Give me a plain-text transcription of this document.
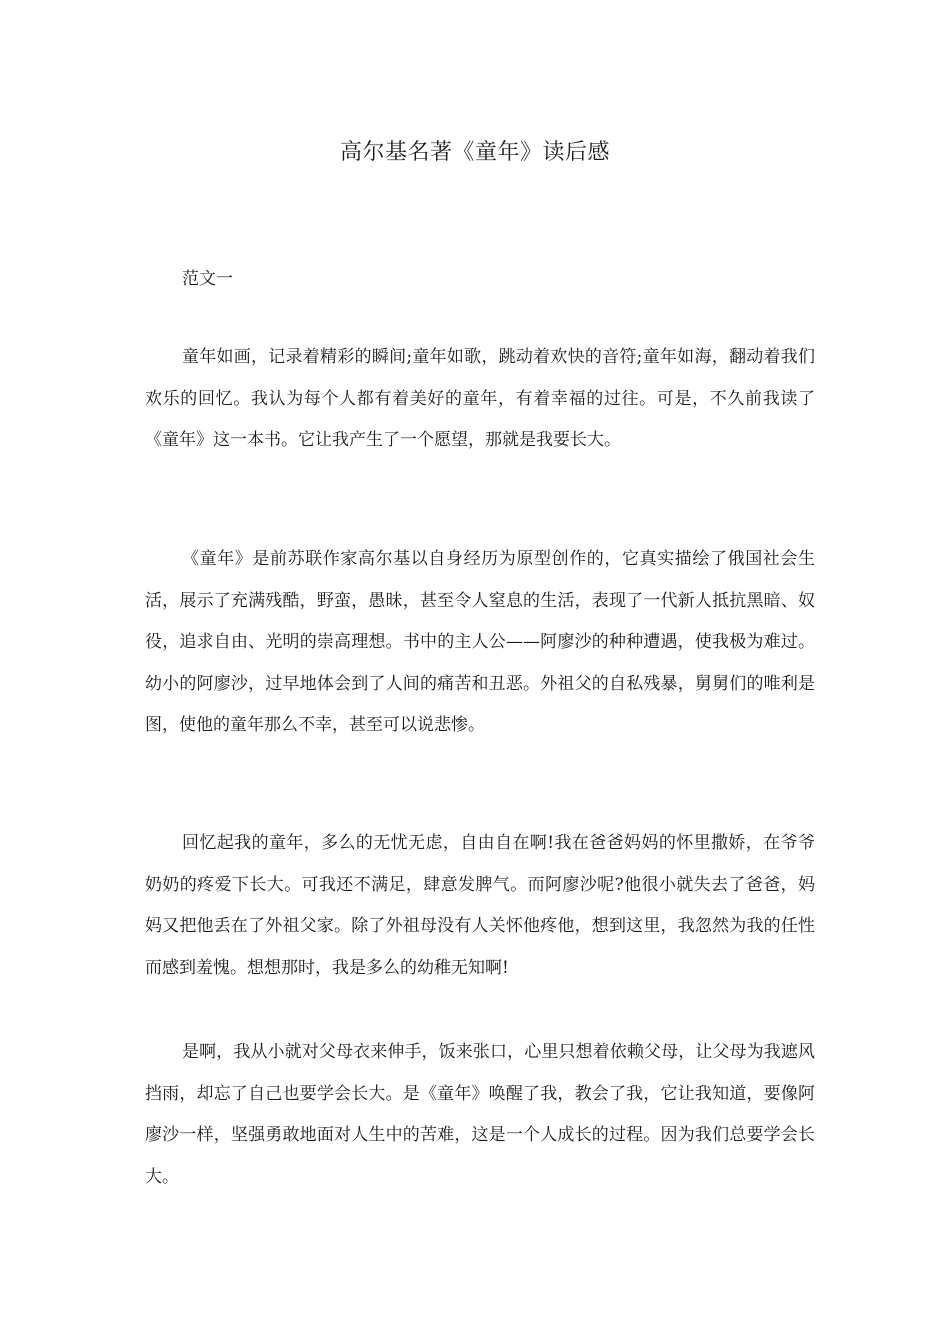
高尔基名著《童年》读后感
范文一

童年如画，记录着精彩的瞬间;童年如歌，跳动着欢快的音符;童年如海，翻动着我们欢乐的回忆。我认为每个人都有着美好的童年，有着幸福的过往。可是，不久前我读了《童年》这一本书。它让我产生了一个愿望，那就是我要长大。

《童年》是前苏联作家高尔基以自身经历为原型创作的，它真实描绘了俄国社会生活，展示了充满残酷，野蛮，愚昧，甚至令人窒息的生活，表现了一代新人抵抗黑暗、奴役，追求自由、光明的崇高理想。书中的主人公——阿廖沙的种种遭遇，使我极为难过。幼小的阿廖沙，过早地体会到了人间的痛苦和丑恶。外祖父的自私残暴，舅舅们的唯利是图，使他的童年那么不幸，甚至可以说悲惨。

回忆起我的童年，多么的无忧无虑，自由自在啊!我在爸爸妈妈的怀里撒娇，在爷爷奶奶的疼爱下长大。可我还不满足，肆意发脾气。而阿廖沙呢?他很小就失去了爸爸，妈妈又把他丢在了外祖父家。除了外祖母没有人关怀他疼他，想到这里，我忽然为我的任性而感到羞愧。想想那时，我是多么的幼稚无知啊!

是啊，我从小就对父母衣来伸手，饭来张口，心里只想着依赖父母，让父母为我遮风挡雨，却忘了自己也要学会长大。是《童年》唤醒了我，教会了我，它让我知道，要像阿廖沙一样，坚强勇敢地面对人生中的苦难，这是一个人成长的过程。因为我们总要学会长大。
